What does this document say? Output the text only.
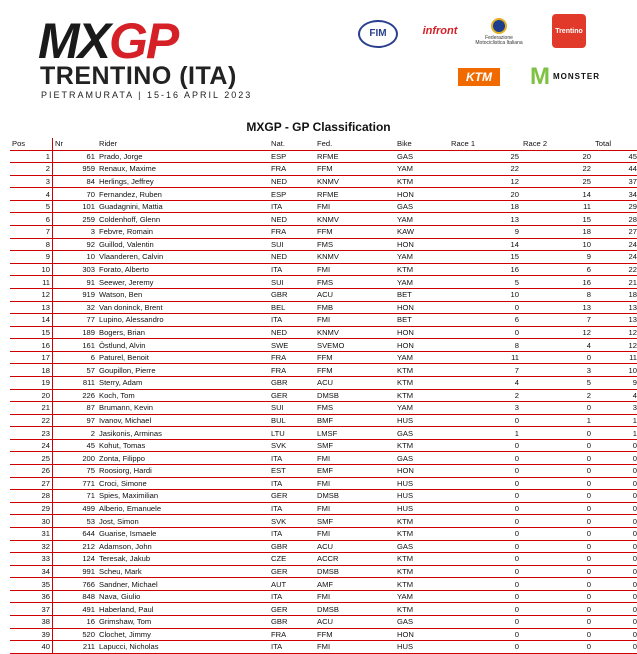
MXGP
TRENTINO (ITA)
PIETRAMURATA | 15-16 APRIL 2023
FIM	infront
Federazione Motociclistica Italiana
Trentino
KTM M MONSTER
MXGP - GP Classification
Pos	Nr	Rider	Nat.	Fed.	Bike	Race 1	Race 2	Total
1	61	Prado, Jorge	ESP	RFME	GAS	25	20	45
2	959	Renaux, Maxime	FRA	FFM	YAM	22	22	44
3	84	Herlings, Jeffrey	NED	KNMV	KTM	12	25	37
4	70	Fernandez, Ruben	ESP	RFME	HON	20	14	34
5	101	Guadagnini, Mattia	ITA	FMI	GAS	18	11	29
6	259	Coldenhoff, Glenn	NED	KNMV	YAM	13	15	28
7	3	Febvre, Romain	FRA	FFM	KAW	9	18	27
8	92	Guillod, Valentin	SUI	FMS	HON	14	10	24
9	10	Vlaanderen, Calvin	NED	KNMV	YAM	15	9	24
10	303	Forato, Alberto	ITA	FMI	KTM	16	6	22
11	91	Seewer, Jeremy	SUI	FMS	YAM	5	16	21
12	919	Watson, Ben	GBR	ACU	BET	10	8	18
13	32	Van doninck, Brent	BEL	FMB	HON	0	13	13
14	77	Lupino, Alessandro	ITA	FMI	BET	6	7	13
15	189	Bogers, Brian	NED	KNMV	HON	0	12	12
16	161	Östlund, Alvin	SWE	SVEMO	HON	8	4	12
17	6	Paturel, Benoit	FRA	FFM	YAM	11	0	11
18	57	Goupillon, Pierre	FRA	FFM	KTM	7	3	10
19	811	Sterry, Adam	GBR	ACU	KTM	4	5	9
20	226	Koch, Tom	GER	DMSB	KTM	2	2	4
21	87	Brumann, Kevin	SUI	FMS	YAM	3	0	3
22	97	Ivanov, Michael	BUL	BMF	HUS	0	1	1
23	2	Jasikonis, Arminas	LTU	LMSF	GAS	1	0	1
24	45	Kohut, Tomas	SVK	SMF	KTM	0	0	0
25	200	Zonta, Filippo	ITA	FMI	GAS	0	0	0
26	75	Roosiorg, Hardi	EST	EMF	HON	0	0	0
27	771	Croci, Simone	ITA	FMI	HUS	0	0	0
28	71	Spies, Maximilian	GER	DMSB	HUS	0	0	0
29	499	Alberio, Emanuele	ITA	FMI	HUS	0	0	0
30	53	Jost, Simon	SVK	SMF	KTM	0	0	0
31	644	Guarise, Ismaele	ITA	FMI	KTM	0	0	0
32	212	Adamson, John	GBR	ACU	GAS	0	0	0
33	124	Teresak, Jakub	CZE	ACCR	KTM	0	0	0
34	991	Scheu, Mark	GER	DMSB	KTM	0	0	0
35	766	Sandner, Michael	AUT	AMF	KTM	0	0	0
36	848	Nava, Giulio	ITA	FMI	YAM	0	0	0
37	491	Haberland, Paul	GER	DMSB	KTM	0	0	0
38	16	Grimshaw, Tom	GBR	ACU	GAS	0	0	0
39	520	Clochet, Jimmy	FRA	FFM	HON	0	0	0
40	211	Lapucci, Nicholas	ITA	FMI	HUS	0	0	0
